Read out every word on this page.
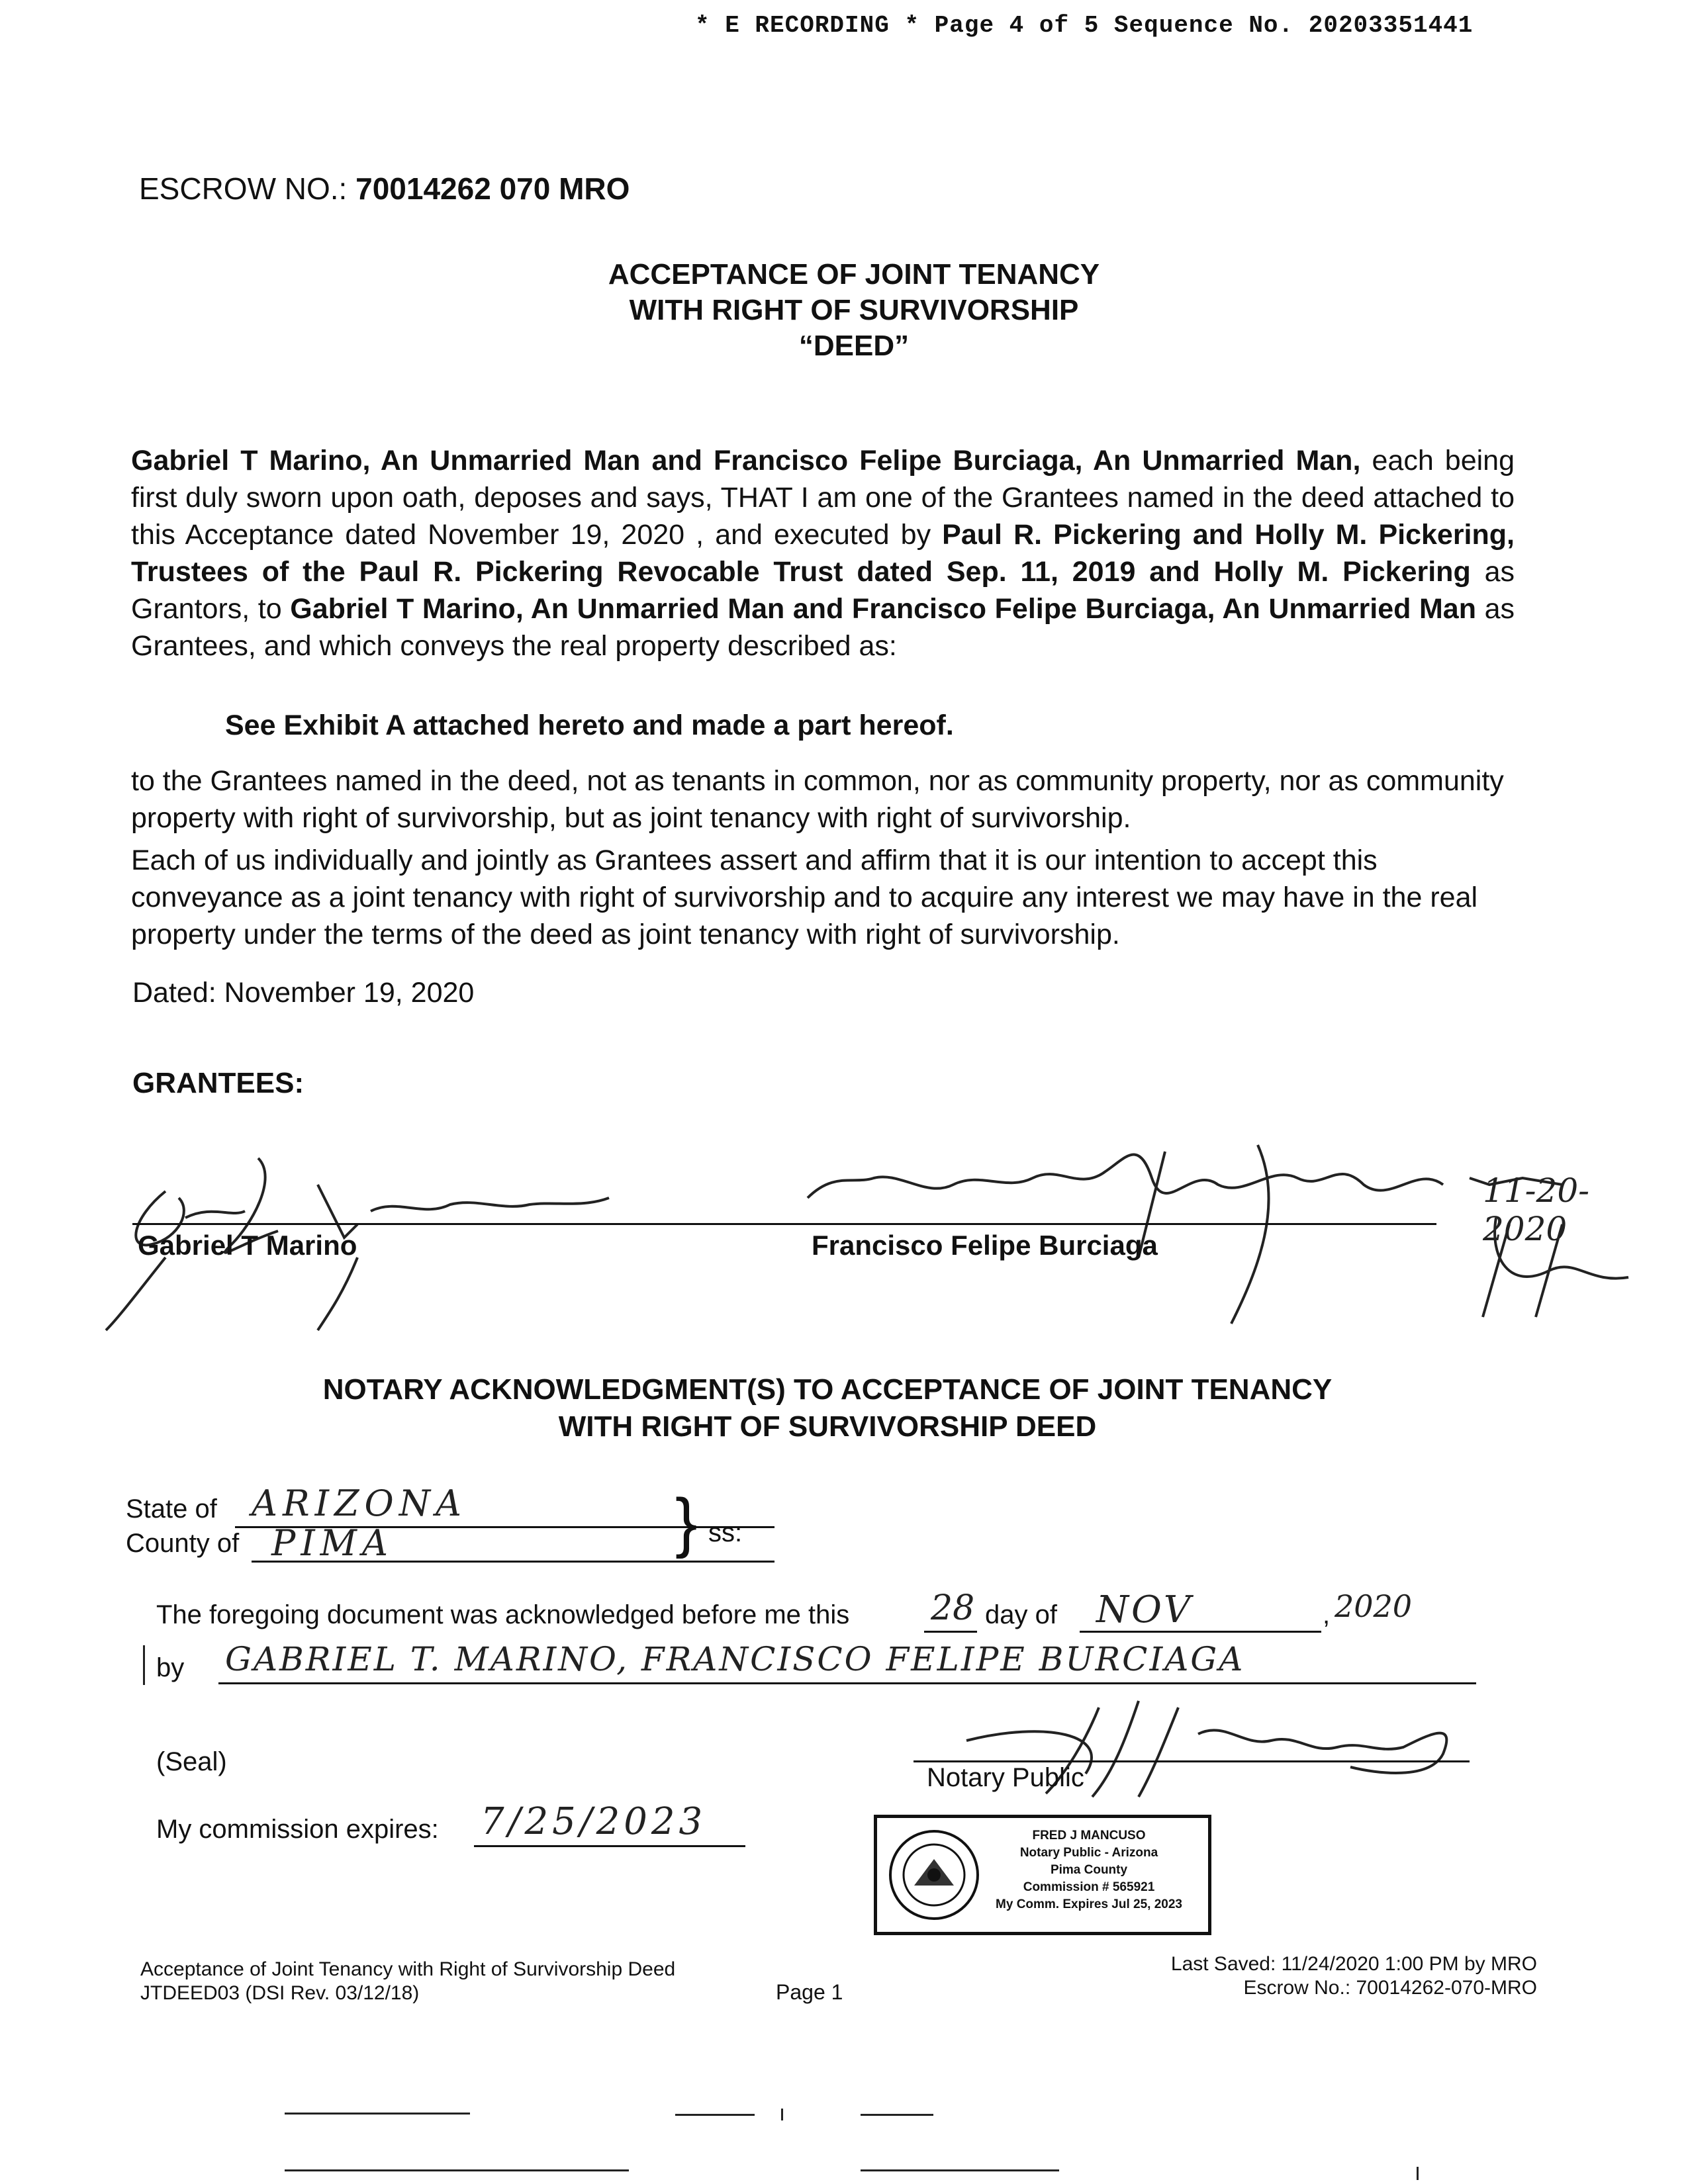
* E RECORDING * Page 4 of 5 Sequence No. 20203351441
ESCROW NO.: 70014262 070 MRO
ACCEPTANCE OF JOINT TENANCY
WITH RIGHT OF SURVIVORSHIP
“DEED”

Gabriel T Marino, An Unmarried Man and Francisco Felipe Burciaga, An Unmarried Man, each being first duly sworn upon oath, deposes and says, THAT I am one of the Grantees named in the deed attached to this Acceptance dated November 19, 2020 , and executed by Paul R. Pickering and Holly M. Pickering, Trustees of the Paul R. Pickering Revocable Trust dated Sep. 11, 2019 and Holly M. Pickering as Grantors, to Gabriel T Marino, An Unmarried Man and Francisco Felipe Burciaga, An Unmarried Man as Grantees, and which conveys the real property described as:

See Exhibit A attached hereto and made a part hereof.

to the Grantees named in the deed, not as tenants in common, nor as community property, nor as community property with right of survivorship, but as joint tenancy with right of survivorship.

Each of us individually and jointly as Grantees assert and affirm that it is our intention to accept this conveyance as a joint tenancy with right of survivorship and to acquire any interest we may have in the real property under the terms of the deed as joint tenancy with right of survivorship.

Dated: November 19, 2020
GRANTEES:
Gabriel T Marino	Francisco Felipe Burciaga
11-20-2020
NOTARY ACKNOWLEDGMENT(S) TO ACCEPTANCE OF JOINT TENANCY
WITH RIGHT OF SURVIVORSHIP DEED
State of ARIZONA
County of PIMA	} ss:
The foregoing document was acknowledged before me this 28 day of NOV	, 2020
by GABRIEL T. MARINO, FRANCISCO FELIPE BURCIAGA
(Seal)
Notary Public
My commission expires: 7/25/2023	FRED J MANCUSO
Notary Public - Arizona
Pima County
Commission # 565921
My Comm. Expires Jul 25, 2023
Acceptance of Joint Tenancy with Right of Survivorship Deed
JTDEED03 (DSI Rev. 03/12/18)	Page 1
Last Saved: 11/24/2020 1:00 PM by MRO
Escrow No.: 70014262-070-MRO
